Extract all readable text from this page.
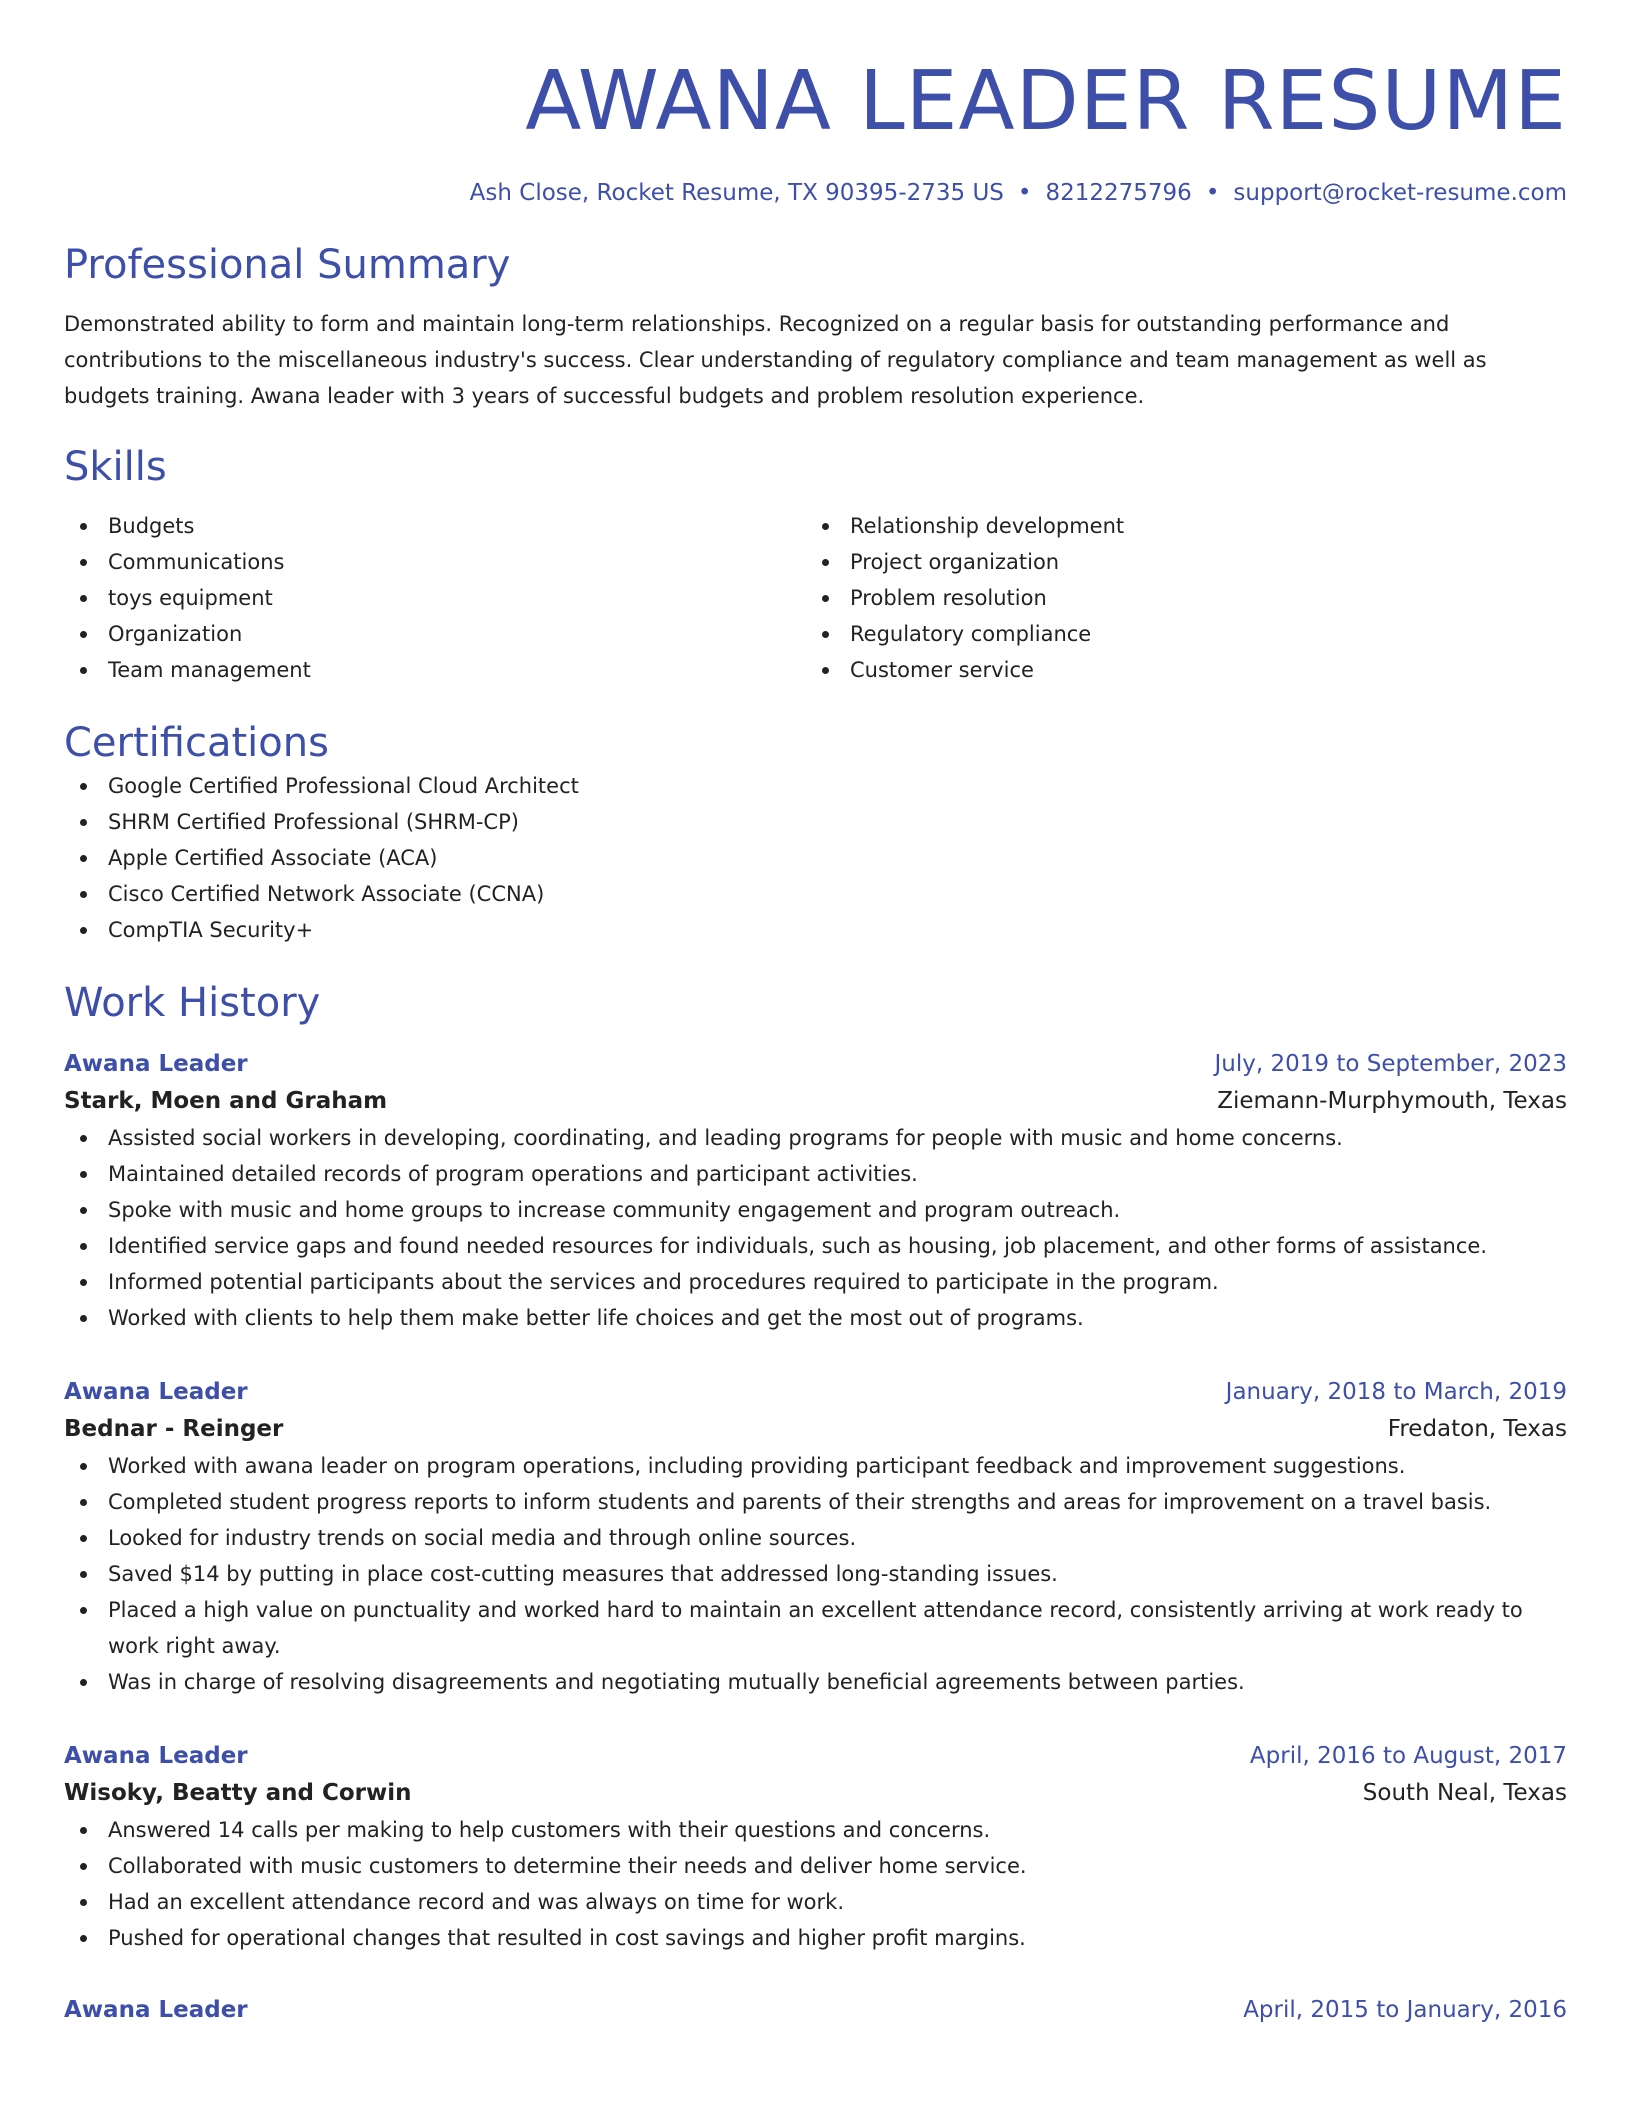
AWANA LEADER RESUME
Ash Close, Rocket Resume, TX 90395-2735 US • 8212275796 • support@rocket-resume.com
Professional Summary

Demonstrated ability to form and maintain long-term relationships. Recognized on a regular basis for outstanding performance and contributions to the miscellaneous industry's success. Clear understanding of regulatory compliance and team management as well as budgets training. Awana leader with 3 years of successful budgets and problem resolution experience.

Skills
Budgets
Communications
toys equipment
Organization
Team management
Relationship development
Project organization
Problem resolution
Regulatory compliance
Customer service
Certifications
Google Certified Professional Cloud Architect
SHRM Certified Professional (SHRM-CP)
Apple Certified Associate (ACA)
Cisco Certified Network Associate (CCNA)
CompTIA Security+
Work History
Awana Leader	July, 2019 to September, 2023
Stark, Moen and Graham	Ziemann-Murphymouth, Texas
Assisted social workers in developing, coordinating, and leading programs for people with music and home concerns.
Maintained detailed records of program operations and participant activities.
Spoke with music and home groups to increase community engagement and program outreach.
Identified service gaps and found needed resources for individuals, such as housing, job placement, and other forms of assistance.
Informed potential participants about the services and procedures required to participate in the program.
Worked with clients to help them make better life choices and get the most out of programs.
Awana Leader	January, 2018 to March, 2019
Bednar - Reinger	Fredaton, Texas
Worked with awana leader on program operations, including providing participant feedback and improvement suggestions.
Completed student progress reports to inform students and parents of their strengths and areas for improvement on a travel basis.
Looked for industry trends on social media and through online sources.
Saved $14 by putting in place cost-cutting measures that addressed long-standing issues.
Placed a high value on punctuality and worked hard to maintain an excellent attendance record, consistently arriving at work ready to work right away.
Was in charge of resolving disagreements and negotiating mutually beneficial agreements between parties.
Awana Leader	April, 2016 to August, 2017
Wisoky, Beatty and Corwin	South Neal, Texas
Answered 14 calls per making to help customers with their questions and concerns.
Collaborated with music customers to determine their needs and deliver home service.
Had an excellent attendance record and was always on time for work.
Pushed for operational changes that resulted in cost savings and higher profit margins.
Awana Leader	April, 2015 to January, 2016
